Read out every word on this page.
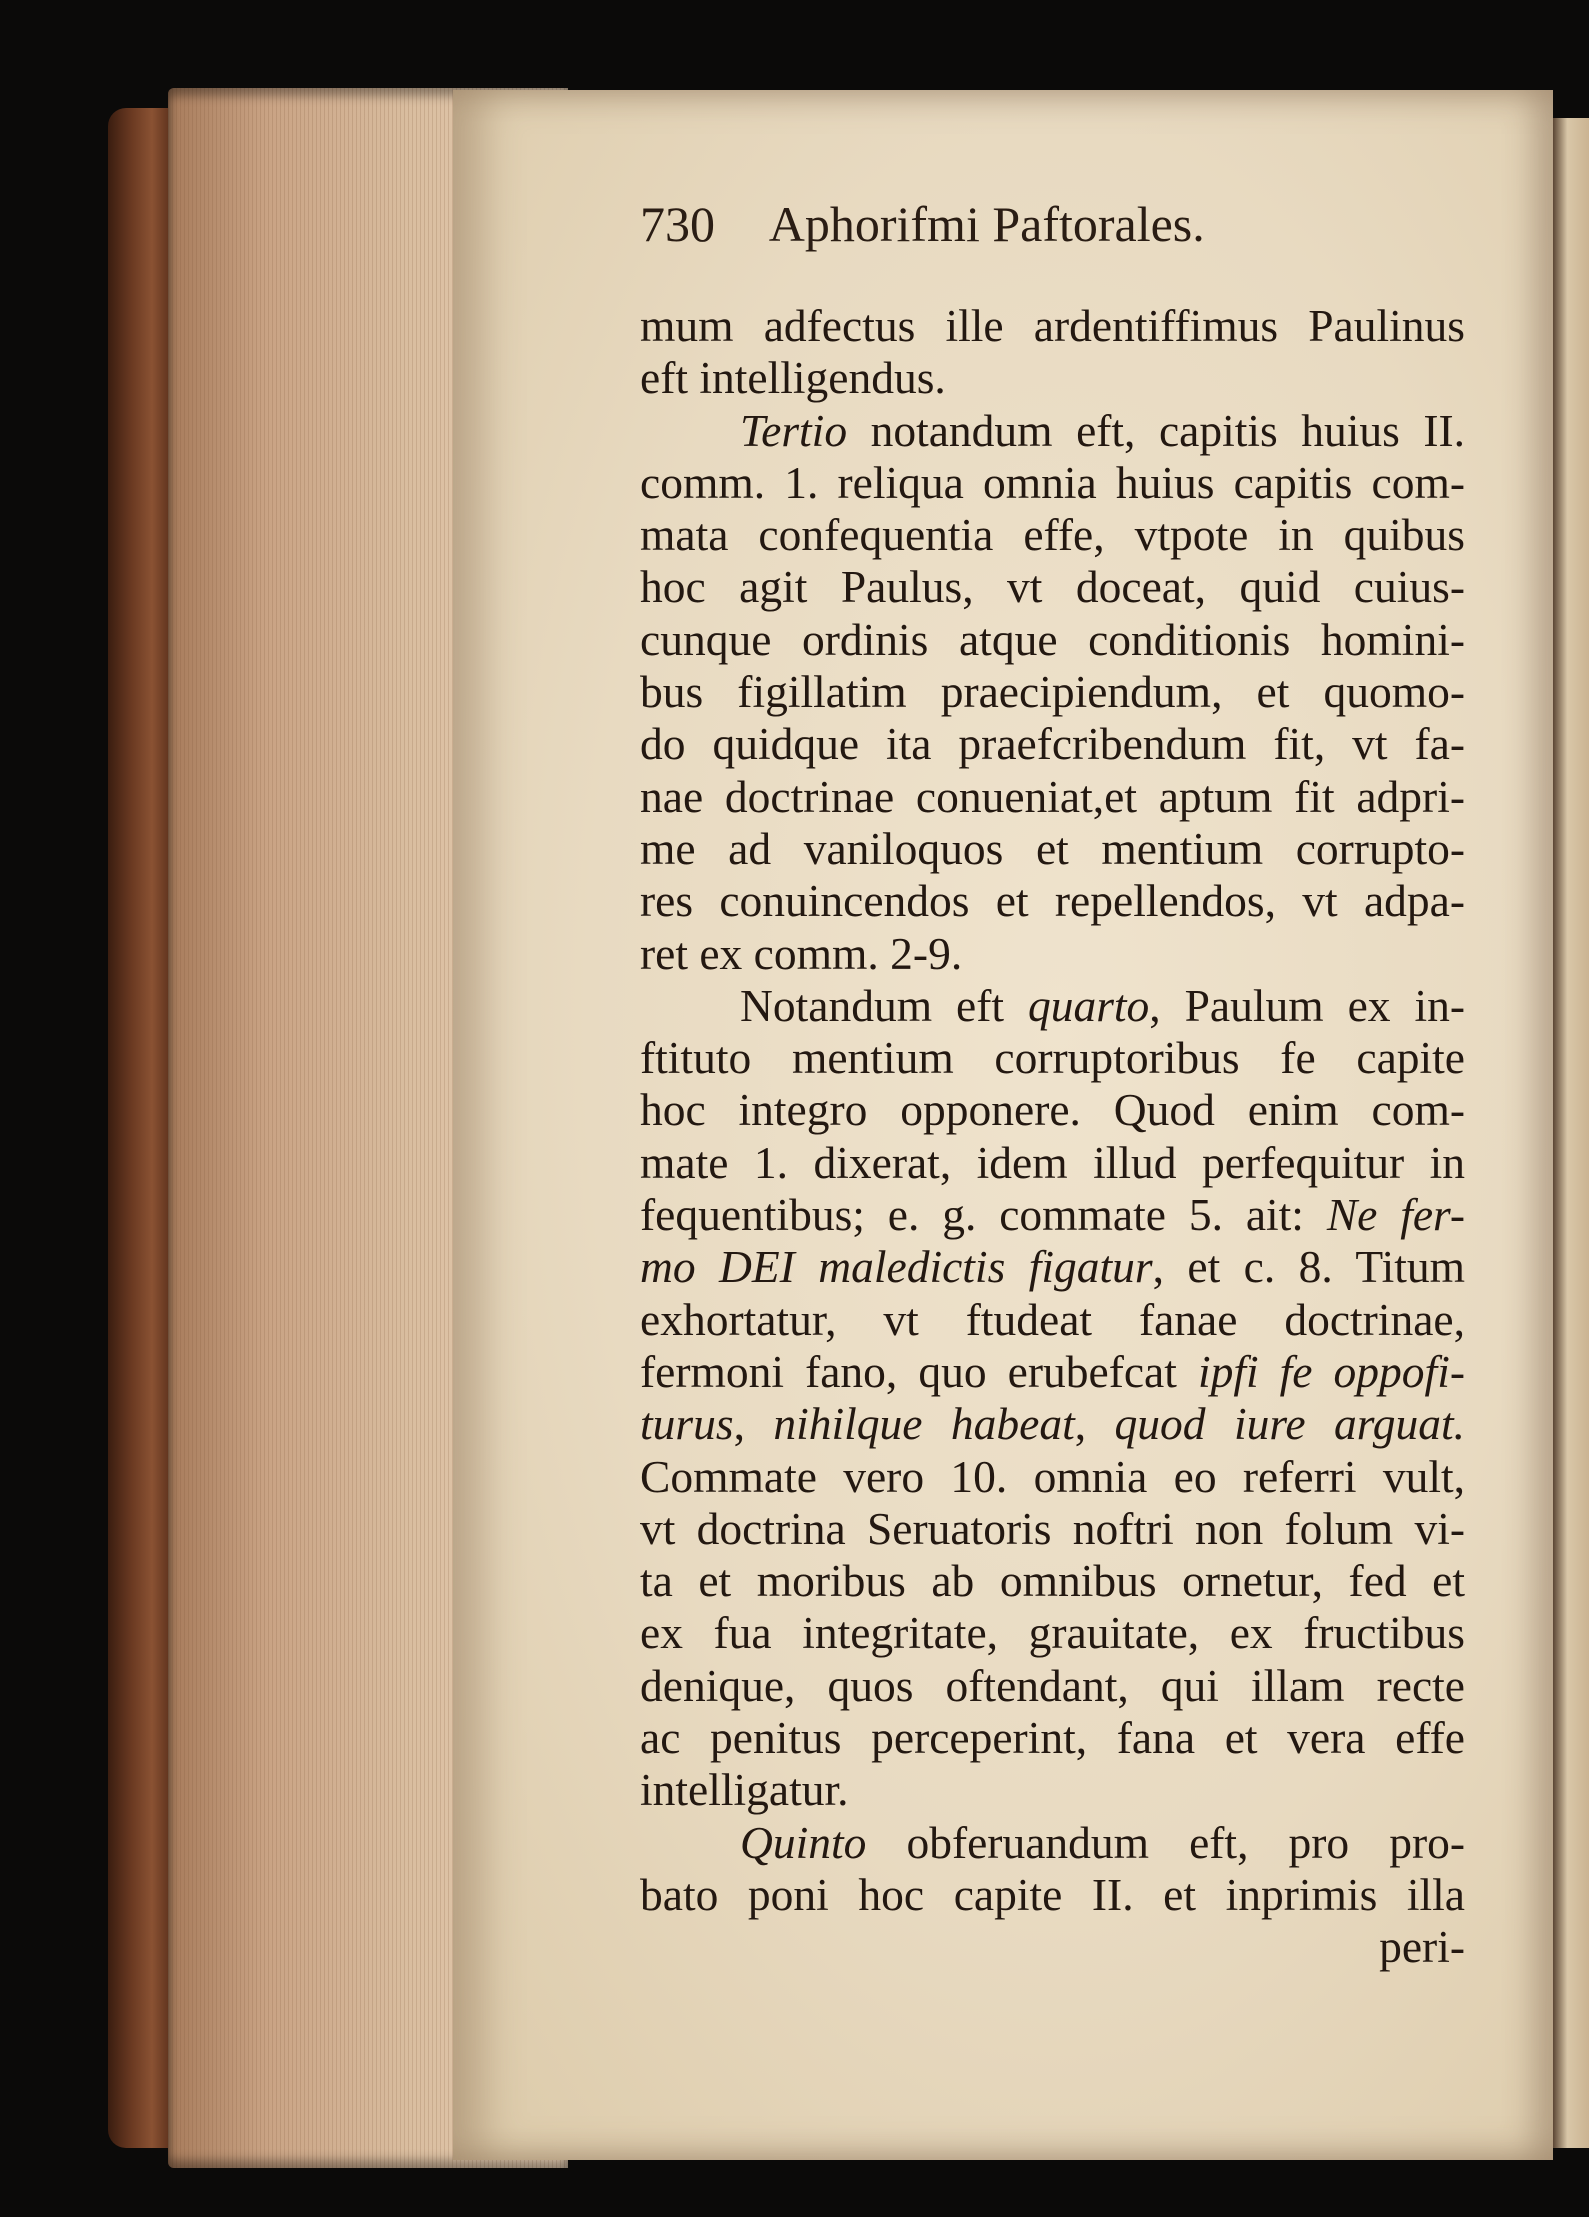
730 Aphorifmi Paftorales.
mum adfectus ille ardentiffimus Paulinus
eft intelligendus.
Tertio notandum eft, capitis huius II.
comm. 1. reliqua omnia huius capitis com-
mata confequentia effe, vtpote in quibus
hoc agit Paulus, vt doceat, quid cuius-
cunque ordinis atque conditionis homini-
bus figillatim praecipiendum, et quomo-
do quidque ita praefcribendum fit, vt fa-
nae doctrinae conueniat,et aptum fit adpri-
me ad vaniloquos et mentium corrupto-
res conuincendos et repellendos, vt adpa-
ret ex comm. 2-9.
Notandum eft quarto, Paulum ex in-
ftituto mentium corruptoribus fe capite
hoc integro opponere. Quod enim com-
mate 1. dixerat, idem illud perfequitur in
fequentibus; e. g. commate 5. ait: Ne fer-
mo DEI maledictis figatur, et c. 8. Titum
exhortatur, vt ftudeat fanae doctrinae,
fermoni fano, quo erubefcat ipfi fe oppofi-
turus, nihilque habeat, quod iure arguat.
Commate vero 10. omnia eo referri vult,
vt doctrina Seruatoris noftri non folum vi-
ta et moribus ab omnibus ornetur, fed et
ex fua integritate, grauitate, ex fructibus
denique, quos oftendant, qui illam recte
ac penitus perceperint, fana et vera effe
intelligatur.
Quinto obferuandum eft, pro pro-
bato poni hoc capite II. et inprimis illa
peri-
